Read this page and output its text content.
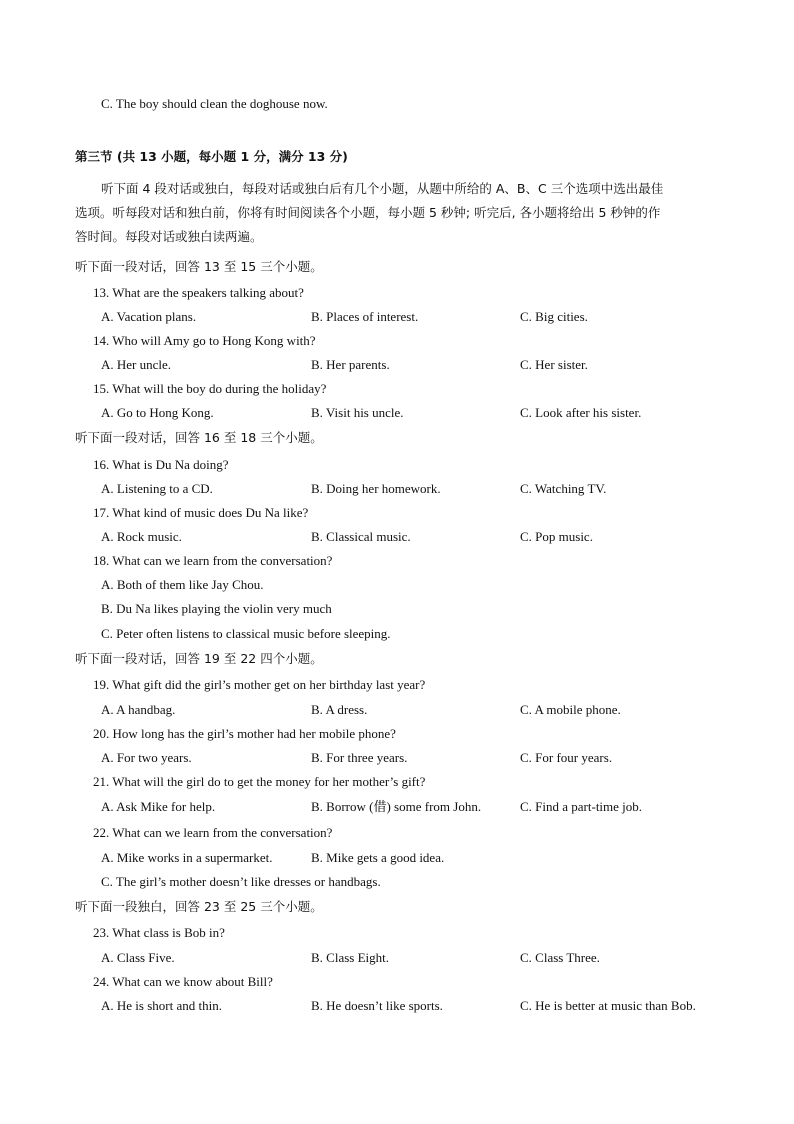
C. The boy should clean the doghouse now.
第三节 (共 13 小题，每小题 1 分，满分 13 分)
听下面 4 段对话或独白，每段对话或独白后有几个小题，从题中所给的 A、B、C 三个选项中选出最佳
选项。听每段对话和独白前，你将有时间阅读各个小题，每小题 5 秒钟; 听完后, 各小题将给出 5 秒钟的作
答时间。每段对话或独白读两遍。
听下面一段对话，回答 13 至 15 三个小题。
13. What are the speakers talking about?
A. Vacation plans.	B. Places of interest.	C. Big cities.
14. Who will Amy go to Hong Kong with?
A. Her uncle.	B. Her parents.	C. Her sister.
15. What will the boy do during the holiday?
A. Go to Hong Kong.	B. Visit his uncle.	C. Look after his sister.
听下面一段对话，回答 16 至 18 三个小题。
16. What is Du Na doing?
A. Listening to a CD.	B. Doing her homework.	C. Watching TV.
17. What kind of music does Du Na like?
A. Rock music.	B. Classical music.	C. Pop music.
18. What can we learn from the conversation?
A. Both of them like Jay Chou.
B. Du Na likes playing the violin very much
C. Peter often listens to classical music before sleeping.
听下面一段对话，回答 19 至 22 四个小题。
19. What gift did the girl’s mother get on her birthday last year?
A. A handbag.	B. A dress.	C. A mobile phone.
20. How long has the girl’s mother had her mobile phone?
A. For two years.	B. For three years.	C. For four years.
21. What will the girl do to get the money for her mother’s gift?
A. Ask Mike for help.	B. Borrow (借) some from John.	C. Find a part-time job.
22. What can we learn from the conversation?
A. Mike works in a supermarket.	B. Mike gets a good idea.
C. The girl’s mother doesn’t like dresses or handbags.
听下面一段独白，回答 23 至 25 三个小题。
23. What class is Bob in?
A. Class Five.	B. Class Eight.	C. Class Three.
24. What can we know about Bill?
A. He is short and thin.	B. He doesn’t like sports.	C. He is better at music than Bob.
